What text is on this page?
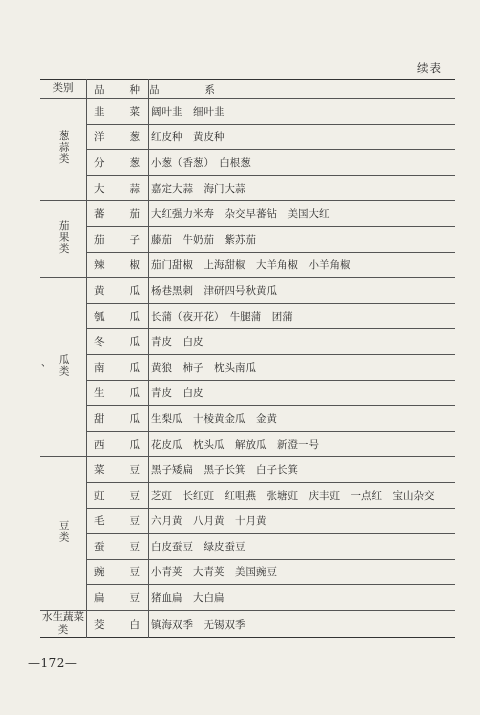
续表
类别	品 种	品 系
葱蒜类	韭 菜	阔叶韭　细叶韭

	洋 葱	红皮种　黄皮种

	分 葱	小葱（香葱）　白根葱

	大 蒜	嘉定大蒜　海门大蒜
茄果类	蕃 茄	大红强力米寿　杂交早蕃钻　美国大红

	茄 子	藤茄　牛奶茄　紫苏茄

	辣 椒	茄门甜椒　上海甜椒　大羊角椒　小羊角椒
瓜类	黄 瓜	杨巷黑刺　津研四号秋黄瓜

	瓠 瓜	长蒲（夜开花）　牛腿蒲　团蒲

	冬 瓜	青皮　白皮

	南 瓜	黄狼　柿子　枕头南瓜

	生 瓜	青皮　白皮

	甜 瓜	生梨瓜　十棱黄金瓜　金黄

	西 瓜	花皮瓜　枕头瓜　解放瓜　新澄一号
豆类	菜 豆	黑子矮扁　黑子长箕　白子长箕

	豇 豆	芝豇　长红豇　红咀燕　张塘豇　庆丰豇　一点红　宝山杂交

	毛 豆	六月黄　八月黄　十月黄

	蚕 豆	白皮蚕豆　绿皮蚕豆

	豌 豆	小青荚　大青荚　美国豌豆

	扁 豆	猪血扁　大白扁
水生蔬菜类	茭 白	镇海双季　无锡双季
、
—172—
